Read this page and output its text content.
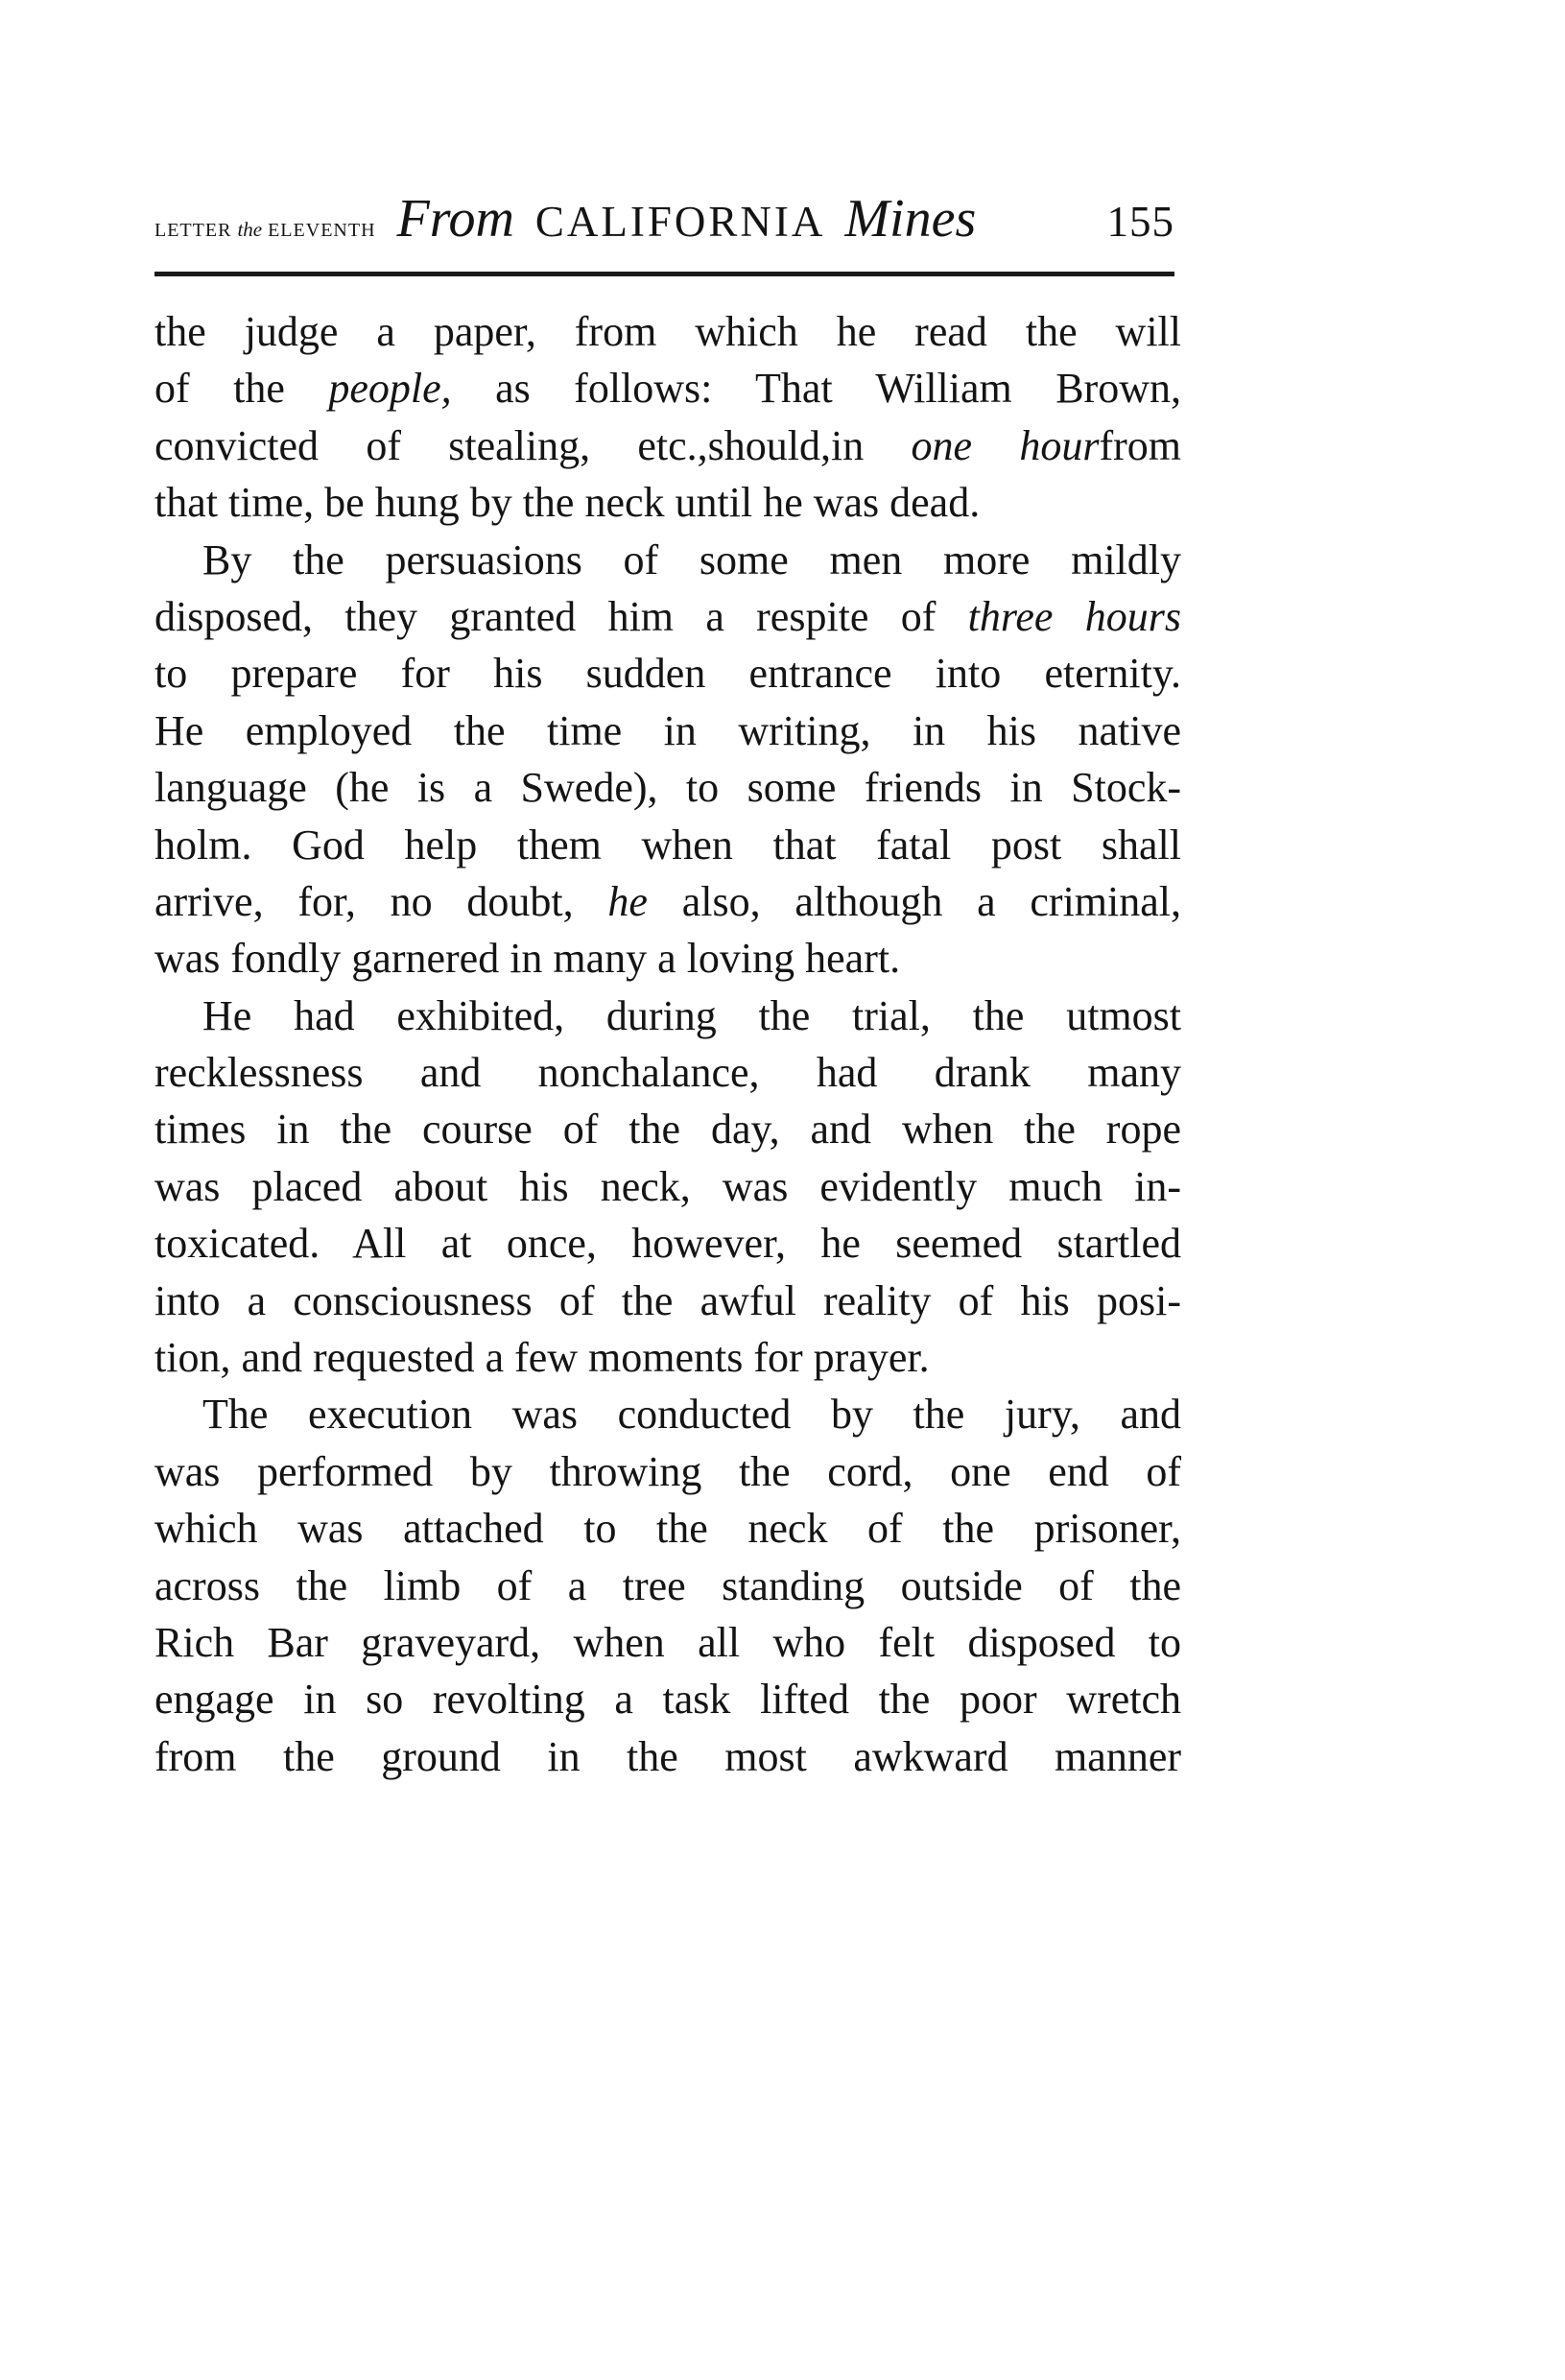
LETTER the ELEVENTH From CALIFORNIA Mines	155
the judge a paper, from which he read the will
of the people, as follows: That William Brown,
convicted of stealing, etc.,should,in one hourfrom
that time, be hung by the neck until he was dead.
By the persuasions of some men more mildly
disposed, they granted him a respite of three hours
to prepare for his sudden entrance into eternity.
He employed the time in writing, in his native
language (he is a Swede), to some friends in Stock-
holm. God help them when that fatal post shall
arrive, for, no doubt, he also, although a criminal,
was fondly garnered in many a loving heart.
He had exhibited, during the trial, the utmost
recklessness and nonchalance, had drank many
times in the course of the day, and when the rope
was placed about his neck, was evidently much in-
toxicated. All at once, however, he seemed startled
into a consciousness of the awful reality of his posi-
tion, and requested a few moments for prayer.
The execution was conducted by the jury, and
was performed by throwing the cord, one end of
which was attached to the neck of the prisoner,
across the limb of a tree standing outside of the
Rich Bar graveyard, when all who felt disposed to
engage in so revolting a task lifted the poor wretch
from the ground in the most awkward manner
